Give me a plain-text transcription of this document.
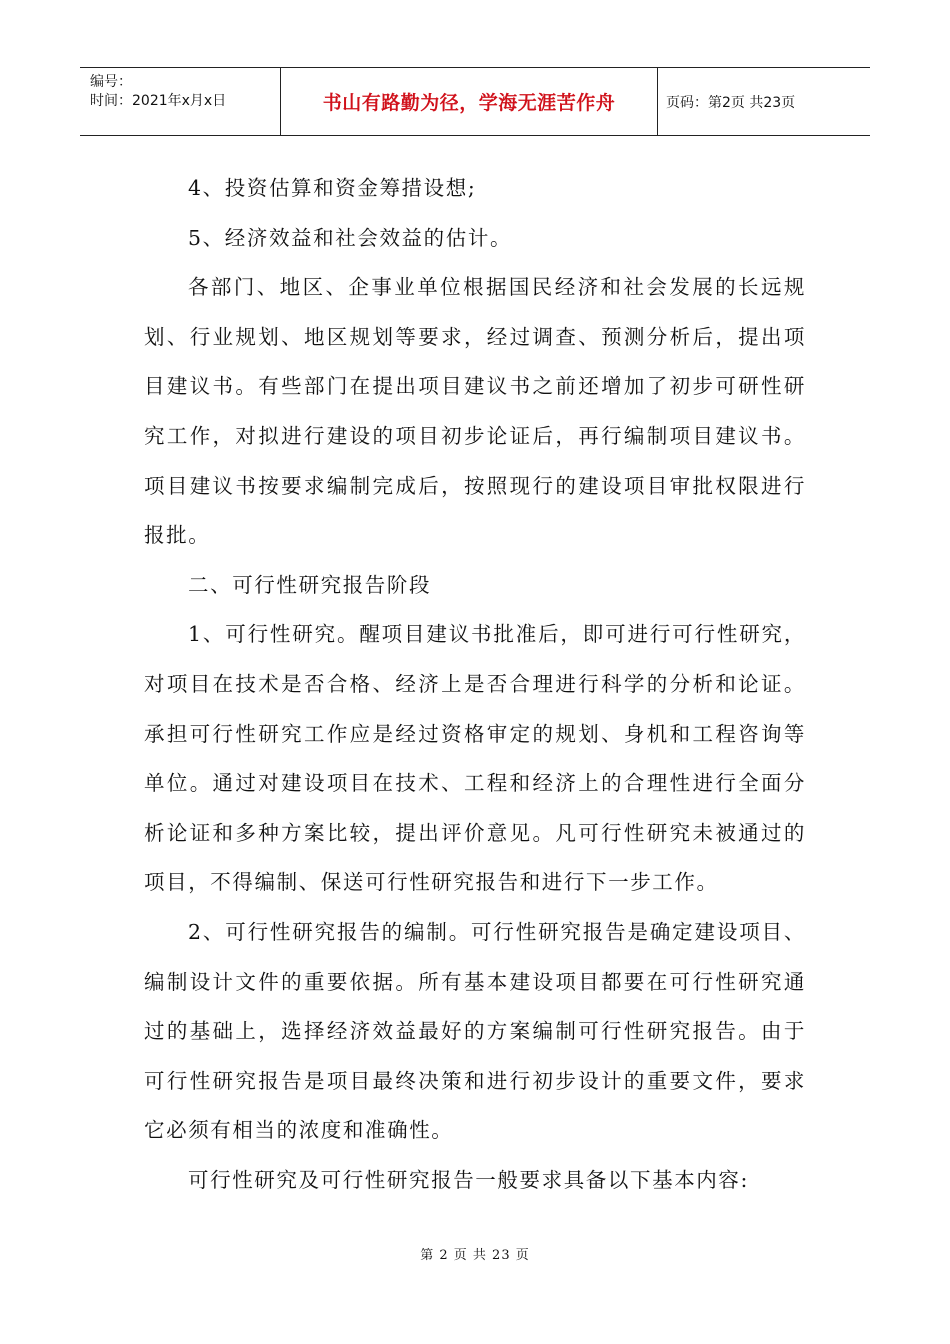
编号：
时间：2021年x月x日	书山有路勤为径，学海无涯苦作舟	页码：第2页 共23页

4、投资估算和资金筹措设想;

5、经济效益和社会效益的估计。

各部门、地区、企事业单位根据国民经济和社会发展的长远规划、行业规划、地区规划等要求，经过调查、预测分析后，提出项目建议书。有些部门在提出项目建议书之前还增加了初步可研性研究工作，对拟进行建设的项目初步论证后，再行编制项目建议书。项目建议书按要求编制完成后，按照现行的建设项目审批权限进行报批。

二、可行性研究报告阶段

1、可行性研究。醒项目建议书批准后，即可进行可行性研究，对项目在技术是否合格、经济上是否合理进行科学的分析和论证。承担可行性研究工作应是经过资格审定的规划、身机和工程咨询等单位。通过对建设项目在技术、工程和经济上的合理性进行全面分析论证和多种方案比较，提出评价意见。凡可行性研究未被通过的项目，不得编制、保送可行性研究报告和进行下一步工作。

2、可行性研究报告的编制。可行性研究报告是确定建设项目、编制设计文件的重要依据。所有基本建设项目都要在可行性研究通过的基础上，选择经济效益最好的方案编制可行性研究报告。由于可行性研究报告是项目最终决策和进行初步设计的重要文件，要求它必须有相当的浓度和准确性。

可行性研究及可行性研究报告一般要求具备以下基本内容:

第 2 页 共 23 页
